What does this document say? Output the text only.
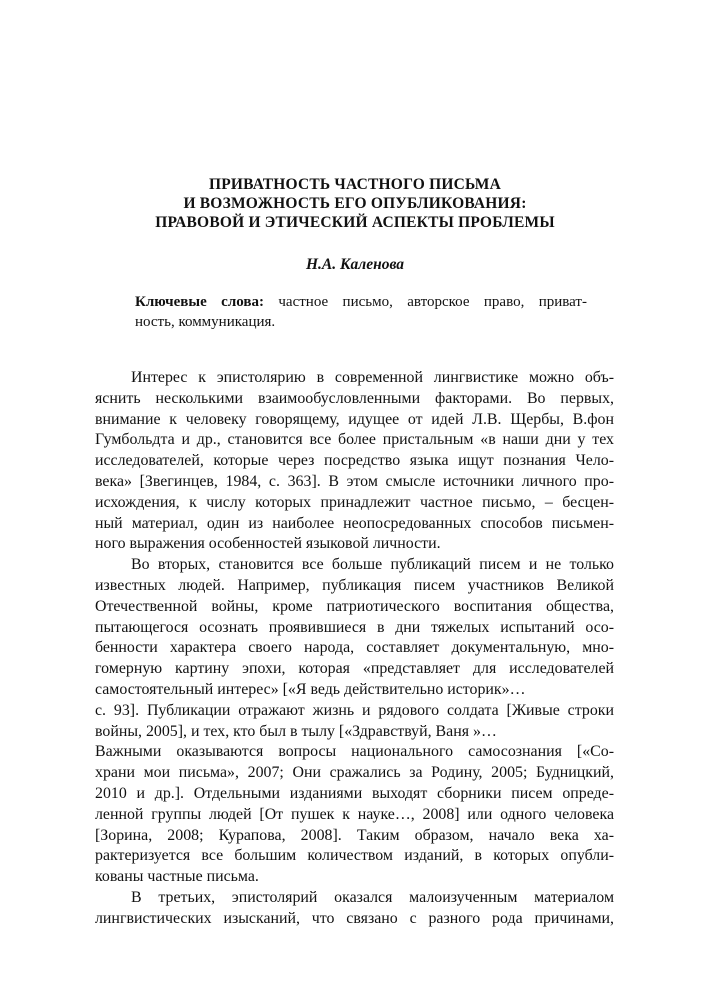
ПРИВАТНОСТЬ ЧАСТНОГО ПИСЬМА
И ВОЗМОЖНОСТЬ ЕГО ОПУБЛИКОВАНИЯ:
ПРАВОВОЙ И ЭТИЧЕСКИЙ АСПЕКТЫ ПРОБЛЕМЫ
Н.А. Каленова
Ключевые слова: частное письмо, авторское право, приват-
ность, коммуникация.
Интерес к эпистолярию в современной лингвистике можно объ-
яснить несколькими взаимообусловленными факторами. Во первых,
внимание к человеку говорящему, идущее от идей Л.В. Щербы, В.фон
Гумбольдта и др., становится все более пристальным «в наши дни у тех
исследователей, которые через посредство языка ищут познания Чело-
века» [Звегинцев, 1984, с. 363]. В этом смысле источники личного про-
исхождения, к числу которых принадлежит частное письмо, – бесцен-
ный материал, один из наиболее неопосредованных способов письмен-
ного выражения особенностей языковой личности.
Во вторых, становится все больше публикаций писем и не только
известных людей. Например, публикация писем участников Великой
Отечественной войны, кроме патриотического воспитания общества,
пытающегося осознать проявившиеся в дни тяжелых испытаний осо-
бенности характера своего народа, составляет документальную, мно-
гомерную картину эпохи, которая «представляет для исследователей
самостоятельный интерес» [«Я ведь действительно историк»…
с. 93]. Публикации отражают жизнь и рядового солдата [Живые строки
войны, 2005], и тех, кто был в тылу [«Здравствуй, Ваня »…
Важными оказываются вопросы национального самосознания [«Со-
храни мои письма», 2007; Они сражались за Родину, 2005; Будницкий,
2010 и др.]. Отдельными изданиями выходят сборники писем опреде-
ленной группы людей [От пушек к науке…, 2008] или одного человека
[Зорина, 2008; Курапова, 2008]. Таким образом, начало века ха-
рактеризуется все большим количеством изданий, в которых опубли-
кованы частные письма.
В третьих, эпистолярий оказался малоизученным материалом
лингвистических изысканий, что связано с разного рода причинами,
